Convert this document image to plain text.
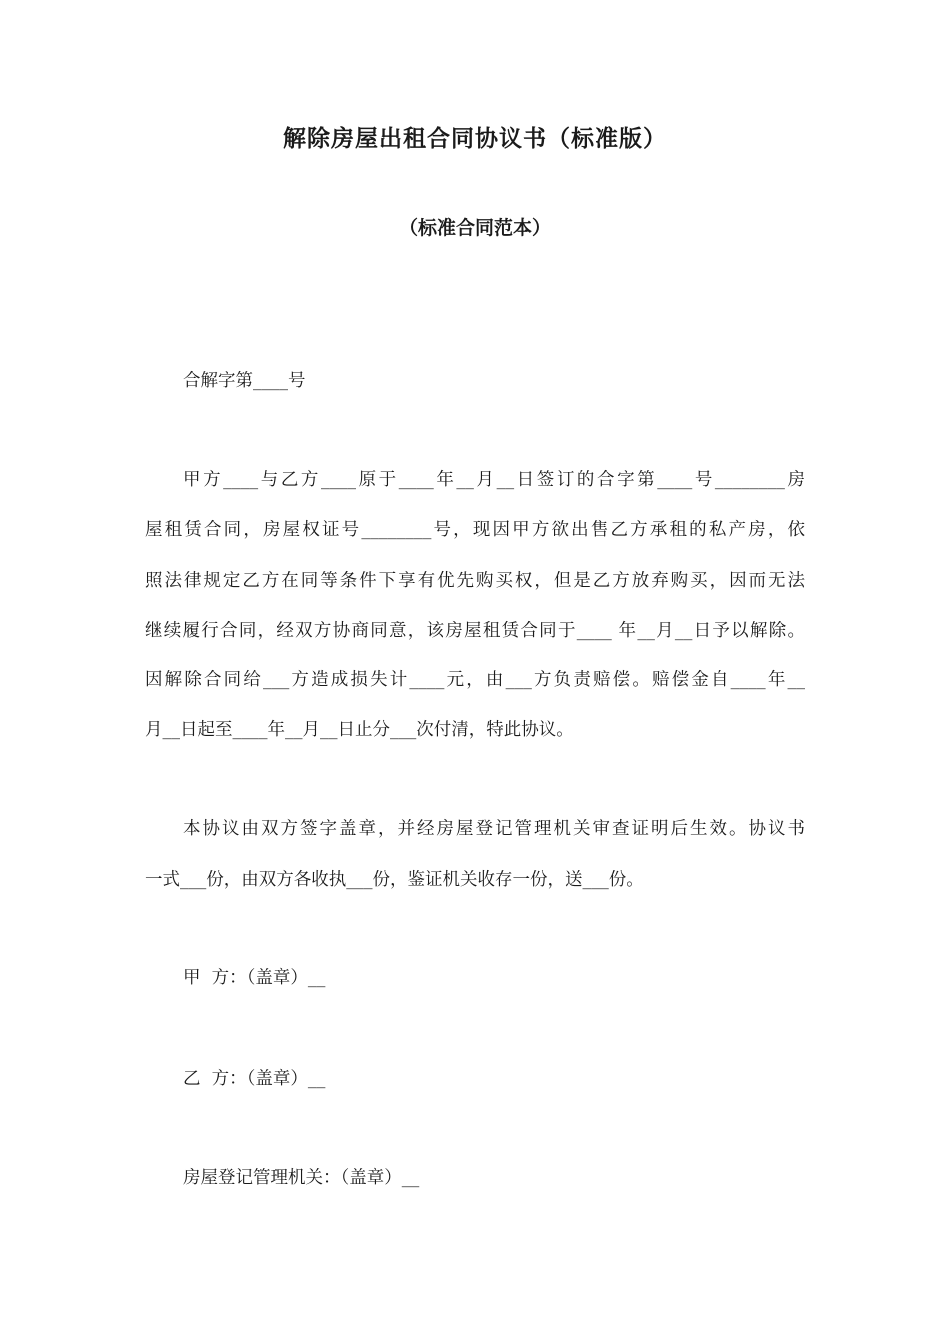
解除房屋出租合同协议书（标准版）
（标准合同范本）

合解字第____号

甲方____与乙方____原于____年__月__日签订的合字第____号________房

屋租赁合同，房屋权证号________号，现因甲方欲出售乙方承租的私产房，依

照法律规定乙方在同等条件下享有优先购买权，但是乙方放弃购买，因而无法

继续履行合同，经双方协商同意，该房屋租赁合同于____ 年__月__日予以解除。

因解除合同给___方造成损失计____元，由___方负责赔偿。赔偿金自____年__

月__日起至____年__月__日止分___次付清，特此协议。

本协议由双方签字盖章，并经房屋登记管理机关审查证明后生效。协议书

一式___份，由双方各收执___份，鉴证机关收存一份，送___份。

甲  方：（盖章）__

乙  方：（盖章）__

房屋登记管理机关：（盖章）__
